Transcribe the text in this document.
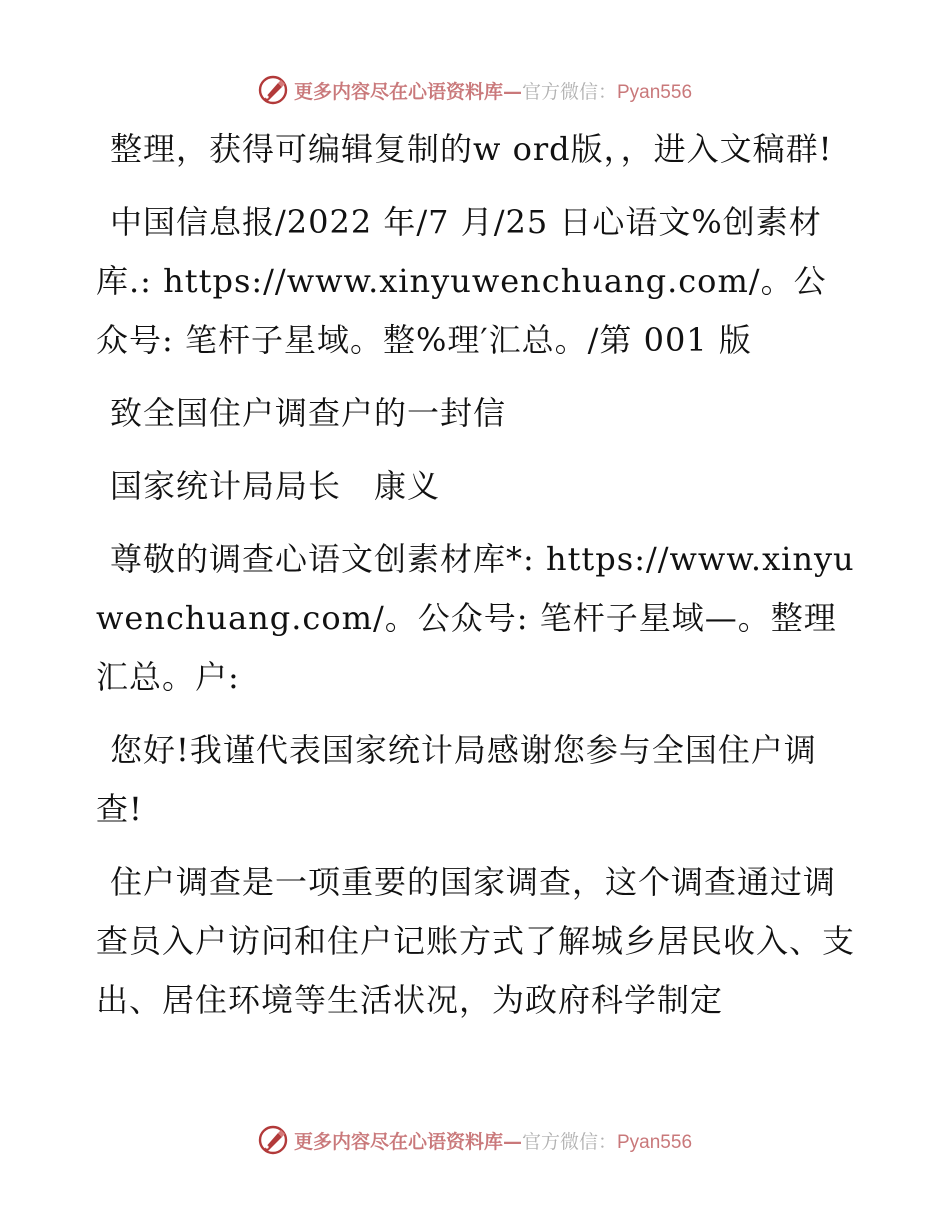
更多内容尽在心语资料库—官方微信：Pyan556

整理，获得可编辑复制的w ord版，，进入文稿群!

中国信息报/2022 年/7 月/25 日心语文%创素材库.: https://www.xinyuwenchuang.com/。公众号: 笔杆子星域。整%理′汇总。/第 001 版

致全国住户调查户的一封信

国家统计局局长　康义

尊敬的调查心语文创素材库*: https://www.xinyuwenchuang.com/。公众号: 笔杆子星域—。整理汇总。户:

您好!我谨代表国家统计局感谢您参与全国住户调查!

住户调查是一项重要的国家调查，这个调查通过调查员入户访问和住户记账方式了解城乡居民收入、支出、居住环境等生活状况，为政府科学制定

更多内容尽在心语资料库—官方微信：Pyan556
